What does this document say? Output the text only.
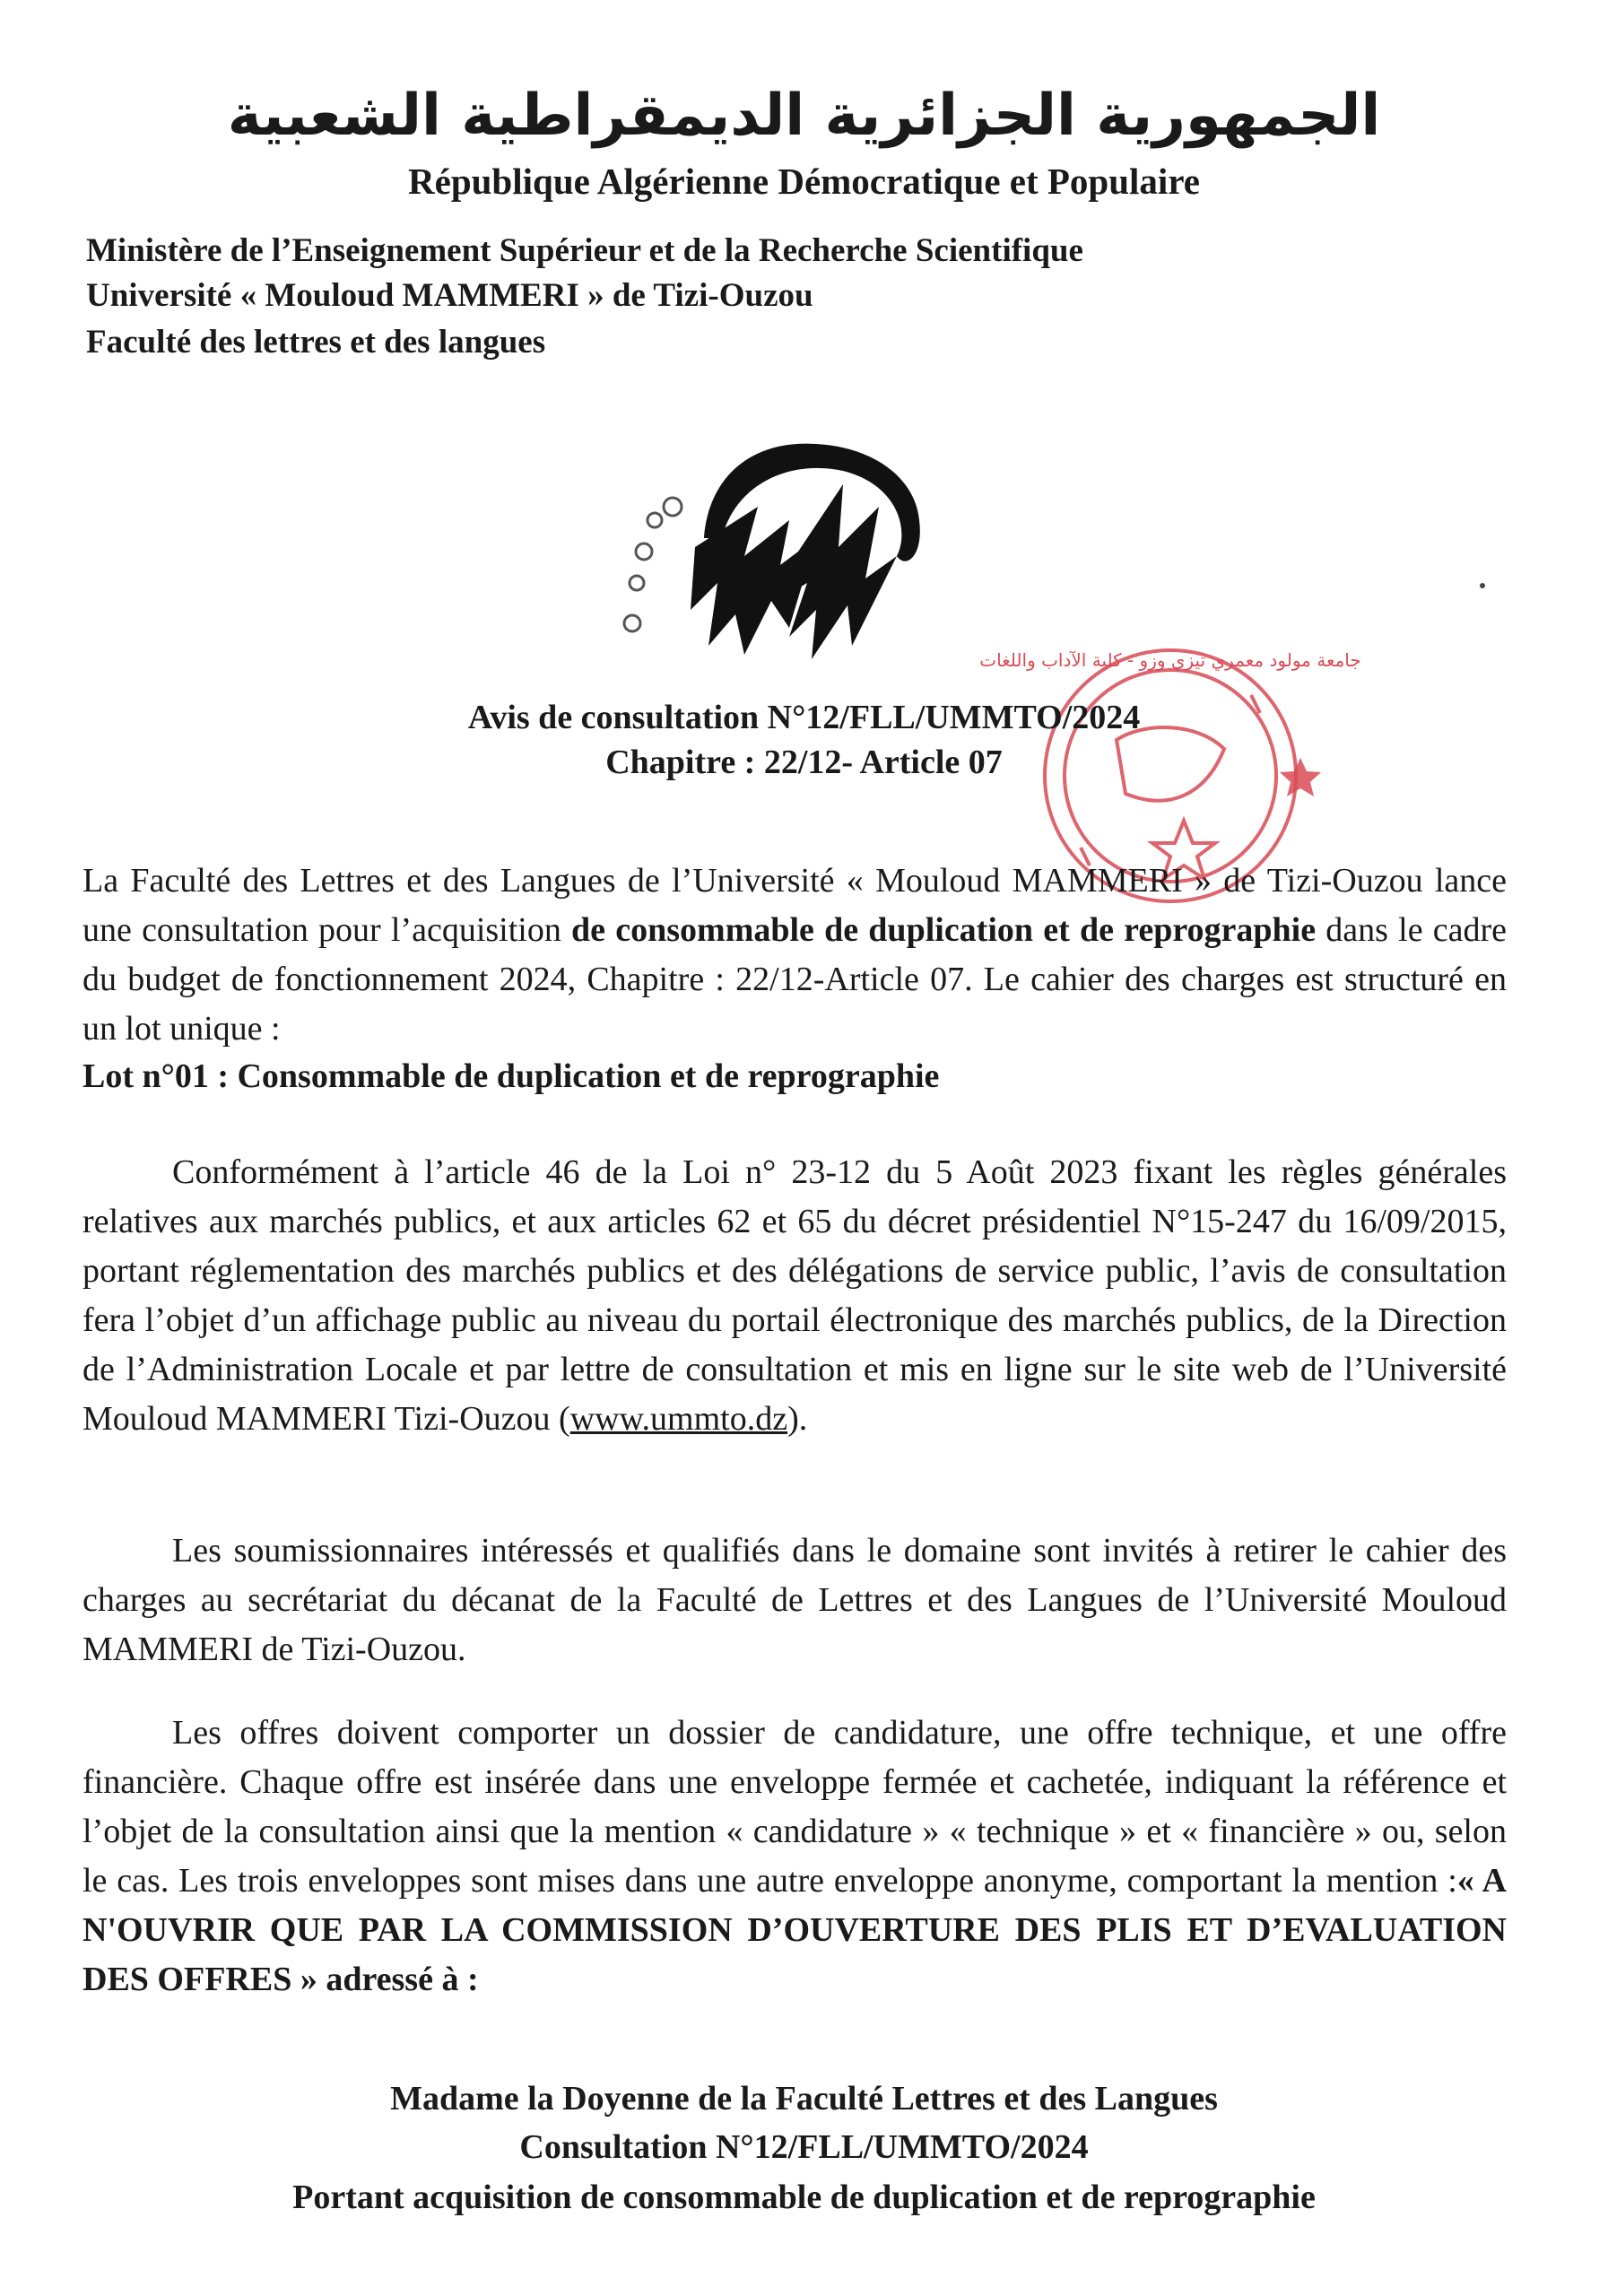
الجمهورية الجزائرية الديمقراطية الشعبية
République Algérienne Démocratique et Populaire
Ministère de l’Enseignement Supérieur et de la Recherche Scientifique
Université « Mouloud MAMMERI » de Tizi-Ouzou
Faculté des lettres et des langues
جامعة مولود معمري تيزي وزو - كلية الآداب واللغات
Avis de consultation N°12/FLL/UMMTO/2024
Chapitre : 22/12- Article 07
La Faculté des Lettres et des Langues de l’Université « Mouloud MAMMERI » de Tizi-Ouzou lance une consultation pour l’acquisition de consommable de duplication et de reprographie dans le cadre du budget de fonctionnement 2024, Chapitre : 22/12-Article 07. Le cahier des charges est structuré en un lot unique :
Lot n°01 : Consommable de duplication et de reprographie
Conformément à l’article 46 de la Loi n° 23-12 du 5 Août 2023 fixant les règles générales relatives aux marchés publics, et aux articles 62 et 65 du décret présidentiel N°15-247 du 16/09/2015, portant réglementation des marchés publics et des délégations de service public, l’avis de consultation fera l’objet d’un affichage public au niveau du portail électronique des marchés publics, de la Direction de l’Administration Locale et par lettre de consultation et mis en ligne sur le site web de l’Université Mouloud MAMMERI Tizi-Ouzou (www.ummto.dz).
Les soumissionnaires intéressés et qualifiés dans le domaine sont invités à retirer le cahier des charges au secrétariat du décanat de la Faculté de Lettres et des Langues de l’Université Mouloud MAMMERI de Tizi-Ouzou.
Les offres doivent comporter un dossier de candidature, une offre technique, et une offre financière. Chaque offre est insérée dans une enveloppe fermée et cachetée, indiquant la référence et l’objet de la consultation ainsi que la mention « candidature » « technique » et « financière » ou, selon le cas. Les trois enveloppes sont mises dans une autre enveloppe anonyme, comportant la mention :« A N'OUVRIR QUE PAR LA COMMISSION D’OUVERTURE DES PLIS ET D’EVALUATION DES OFFRES » adressé à :
Madame la Doyenne de la Faculté Lettres et des Langues
Consultation N°12/FLL/UMMTO/2024
Portant acquisition de consommable de duplication et de reprographie
